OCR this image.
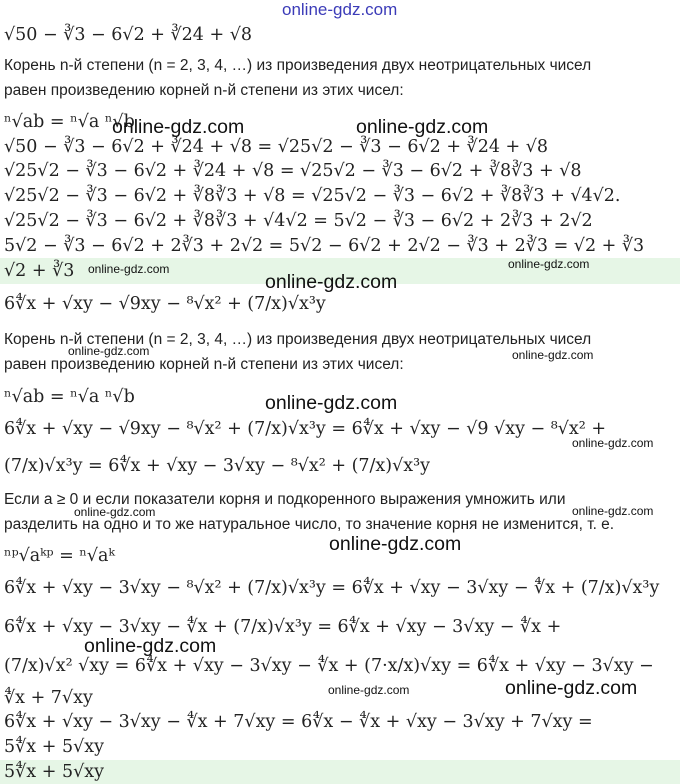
online-gdz.com
√50 − ∛3 − 6√2 + ∛24 + √8
Корень n-й степени (n = 2, 3, 4, …) из произведения двух неотрицательных чисел
равен произведению корней n-й степени из этих чисел:
ⁿ√ab = ⁿ√a ⁿ√b
√50 − ∛3 − 6√2 + ∛24 + √8 = √25√2 − ∛3 − 6√2 + ∛24 + √8
√25√2 − ∛3 − 6√2 + ∛24 + √8 = √25√2 − ∛3 − 6√2 + ∛8∛3 + √8
√25√2 − ∛3 − 6√2 + ∛8∛3 + √8 = √25√2 − ∛3 − 6√2 + ∛8∛3 + √4√2.
√25√2 − ∛3 − 6√2 + ∛8∛3 + √4√2 = 5√2 − ∛3 − 6√2 + 2∛3 + 2√2
5√2 − ∛3 − 6√2 + 2∛3 + 2√2 = 5√2 − 6√2 + 2√2 − ∛3 + 2∛3 = √2 + ∛3
√2 + ∛3
6∜x + √xy − √9xy − ⁸√x² + (7/x)√x³y
Корень n-й степени (n = 2, 3, 4, …) из произведения двух неотрицательных чисел
равен произведению корней n-й степени из этих чисел:
ⁿ√ab = ⁿ√a ⁿ√b
6∜x + √xy − √9xy − ⁸√x² + (7/x)√x³y = 6∜x + √xy − √9 √xy − ⁸√x² +
(7/x)√x³y = 6∜x + √xy − 3√xy − ⁸√x² + (7/x)√x³y
Если a ≥ 0 и если показатели корня и подкоренного выражения умножить или
разделить на одно и то же натуральное число, то значение корня не изменится, т. е.
ⁿᵖ√aᵏᵖ = ⁿ√aᵏ
6∜x + √xy − 3√xy − ⁸√x² + (7/x)√x³y = 6∜x + √xy − 3√xy − ∜x + (7/x)√x³y
6∜x + √xy − 3√xy − ∜x + (7/x)√x³y = 6∜x + √xy − 3√xy − ∜x +
(7/x)√x² √xy = 6∜x + √xy − 3√xy − ∜x + (7·x/x)√xy = 6∜x + √xy − 3√xy −
∜x + 7√xy
6∜x + √xy − 3√xy − ∜x + 7√xy = 6∜x − ∜x + √xy − 3√xy + 7√xy =
5∜x + 5√xy
5∜x + 5√xy
online-gdz.com	online-gdz.com
online-gdz.com	online-gdz.com
online-gdz.com
online-gdz.com	online-gdz.com
online-gdz.com
online-gdz.com
online-gdz.com	online-gdz.com
online-gdz.com
online-gdz.com
online-gdz.com	online-gdz.com
